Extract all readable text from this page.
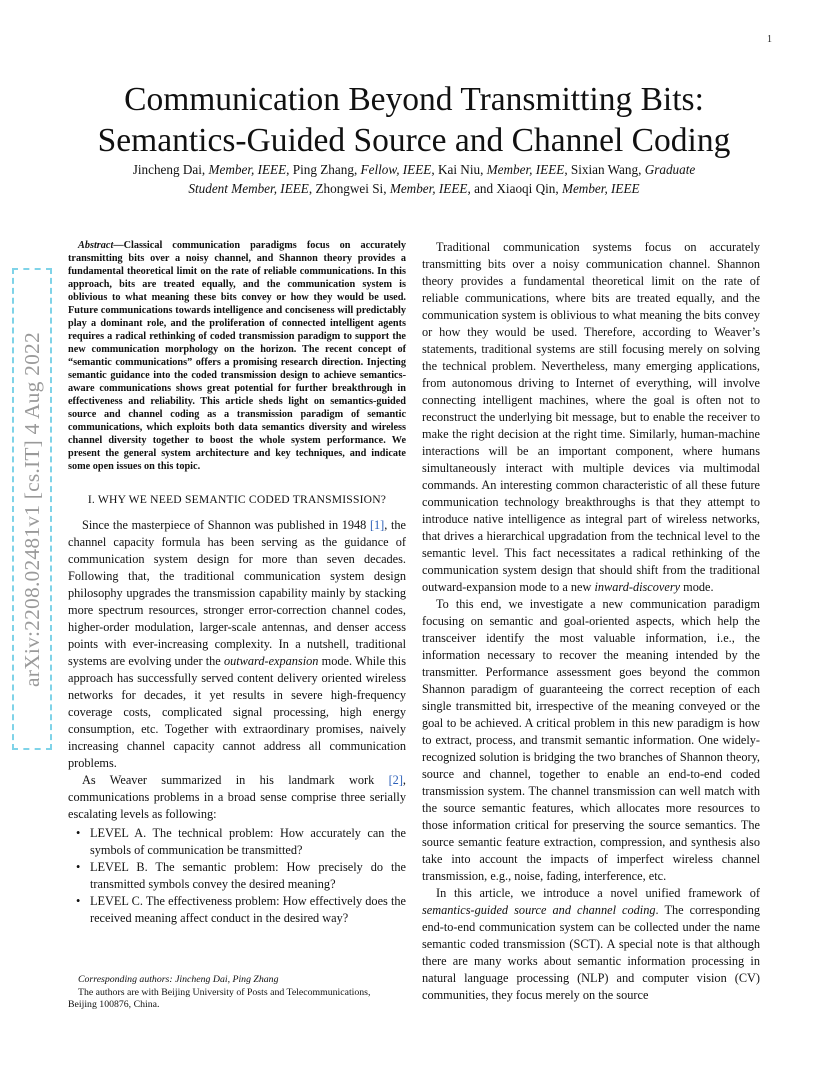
1
arXiv:2208.02481v1 [cs.IT] 4 Aug 2022
Communication Beyond Transmitting Bits:
Semantics-Guided Source and Channel Coding
Jincheng Dai, Member, IEEE, Ping Zhang, Fellow, IEEE, Kai Niu, Member, IEEE, Sixian Wang, Graduate
Student Member, IEEE, Zhongwei Si, Member, IEEE, and Xiaoqi Qin, Member, IEEE

Abstract—Classical communication paradigms focus on accurately transmitting bits over a noisy channel, and Shannon theory provides a fundamental theoretical limit on the rate of reliable communications. In this approach, bits are treated equally, and the communication system is oblivious to what meaning these bits convey or how they would be used. Future communications towards intelligence and conciseness will predictably play a dominant role, and the proliferation of connected intelligent agents requires a radical rethinking of coded transmission paradigm to support the new communication morphology on the horizon. The recent concept of “semantic communications” offers a promising research direction. Injecting semantic guidance into the coded transmission design to achieve semantics-aware communications shows great potential for further breakthrough in effectiveness and reliability. This article sheds light on semantics-guided source and channel coding as a transmission paradigm of semantic communications, which exploits both data semantics diversity and wireless channel diversity together to boost the whole system performance. We present the general system architecture and key techniques, and indicate some open issues on this topic.

I. WHY WE NEED SEMANTIC CODED TRANSMISSION?

Since the masterpiece of Shannon was published in 1948 [1], the channel capacity formula has been serving as the guidance of communication system design for more than seven decades. Following that, the traditional communication system design philosophy upgrades the transmission capability mainly by stacking more spectrum resources, stronger error-correction channel codes, higher-order modulation, larger-scale antennas, and denser access points with ever-increasing complexity. In a nutshell, traditional systems are evolving under the outward-expansion mode. While this approach has successfully served content delivery oriented wireless networks for decades, it yet results in severe high-frequency coverage costs, complicated signal processing, high energy consumption, etc. Together with extraordinary promises, naively increasing channel capacity cannot address all communication problems.

As Weaver summarized in his landmark work [2], communications problems in a broad sense comprise three serially escalating levels as following:

• LEVEL A. The technical problem: How accurately can the symbols of communication be transmitted?
• LEVEL B. The semantic problem: How precisely do the transmitted symbols convey the desired meaning?
• LEVEL C. The effectiveness problem: How effectively does the received meaning affect conduct in the desired way?
Corresponding authors: Jincheng Dai, Ping Zhang
The authors are with Beijing University of Posts and Telecommunications,
Beijing 100876, China.

Traditional communication systems focus on accurately transmitting bits over a noisy communication channel. Shannon theory provides a fundamental theoretical limit on the rate of reliable communications, where bits are treated equally, and the communication system is oblivious to what meaning the bits convey or how they would be used. Therefore, according to Weaver’s statements, traditional systems are still focusing merely on solving the technical problem. Nevertheless, many emerging applications, from autonomous driving to Internet of everything, will involve connecting intelligent machines, where the goal is often not to reconstruct the underlying bit message, but to enable the receiver to make the right decision at the right time. Similarly, human-machine interactions will be an important component, where humans simultaneously interact with multiple devices via multimodal commands. An interesting common characteristic of all these future communication technology breakthroughs is that they attempt to introduce native intelligence as integral part of wireless networks, that drives a hierarchical upgradation from the technical level to the semantic level. This fact necessitates a radical rethinking of the communication system design that should shift from the traditional outward-expansion mode to a new inward-discovery mode.

To this end, we investigate a new communication paradigm focusing on semantic and goal-oriented aspects, which help the transceiver identify the most valuable information, i.e., the information necessary to recover the meaning intended by the transmitter. Performance assessment goes beyond the common Shannon paradigm of guaranteeing the correct reception of each single transmitted bit, irrespective of the meaning conveyed or the goal to be achieved. A critical problem in this new paradigm is how to extract, process, and transmit semantic information. One widely-recognized solution is bridging the two branches of Shannon theory, source and channel, together to enable an end-to-end coded transmission system. The channel transmission can well match with the source semantic features, which allocates more resources to those information critical for preserving the source semantics. The source semantic feature extraction, compression, and synthesis also take into account the impacts of imperfect wireless channel transmission, e.g., noise, fading, interference, etc.

In this article, we introduce a novel unified framework of semantics-guided source and channel coding. The corresponding end-to-end communication system can be collected under the name semantic coded transmission (SCT). A special note is that although there are many works about semantic information processing in natural language processing (NLP) and computer vision (CV) communities, they focus merely on the source
